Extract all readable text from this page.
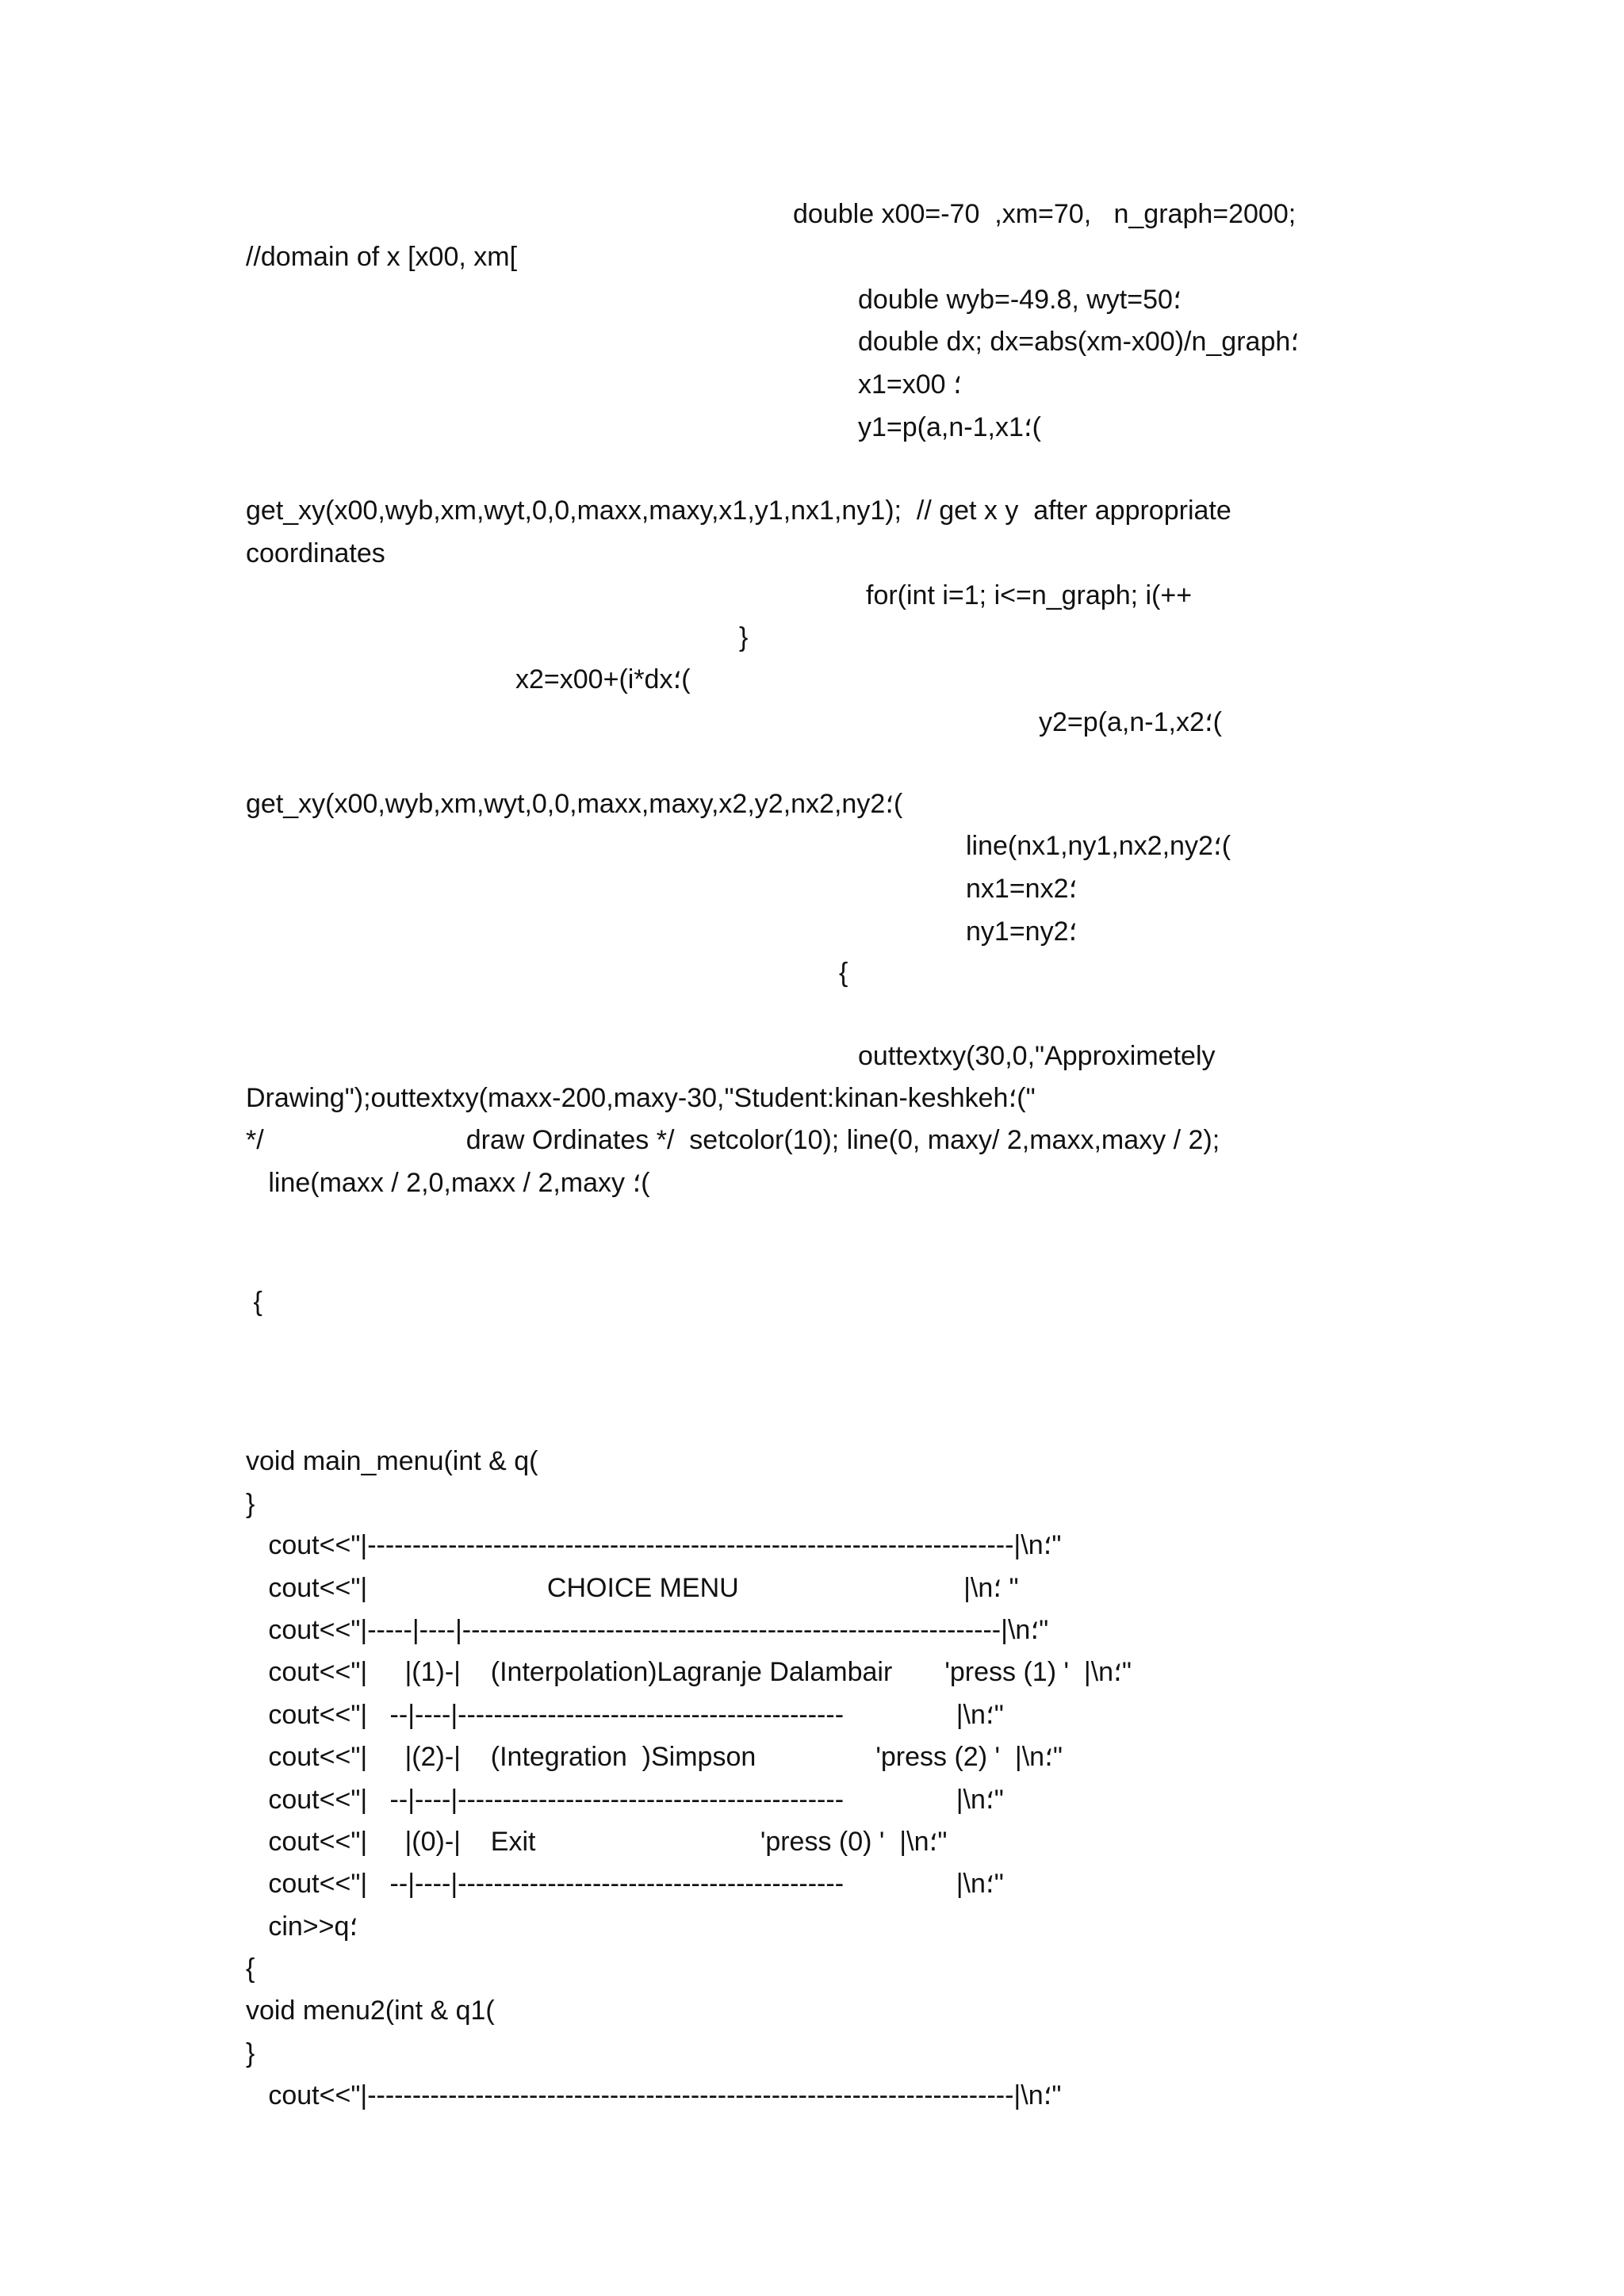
double x00=-70  ,xm=70,   n_graph=2000;

//domain of x [x00, xm[

double wyb=-49.8, wyt=50؛

double dx; dx=abs(xm-x00)/n_graph؛

x1=x00 ؛

y1=p(a,n-1,x1؛(

get_xy(x00,wyb,xm,wyt,0,0,maxx,maxy,x1,y1,nx1,ny1);  // get x y  after appropriate

coordinates

for(int i=1; i<=n_graph; i(++

}

x2=x00+(i*dx؛(

y2=p(a,n-1,x2؛(

get_xy(x00,wyb,xm,wyt,0,0,maxx,maxy,x2,y2,nx2,ny2؛(

line(nx1,ny1,nx2,ny2؛(

nx1=nx2؛

ny1=ny2؛

{

outtextxy(30,0,"Approximetely

Drawing");outtextxy(maxx-200,maxy-30,"Student:kinan-keshkeh؛("

*/                           draw Ordinates */  setcolor(10); line(0, maxy/ 2,maxx,maxy / 2);

line(maxx / 2,0,maxx / 2,maxy ؛(

{

void main_menu(int & q(

}

cout<<"|------------------------------------------------------------------------|\n؛"

cout<<"|                        CHOICE MENU                              |\n؛ "

cout<<"|-----|----|------------------------------------------------------------|\n؛"

cout<<"|     |(1)-|    (Interpolation)Lagranje Dalambair       'press (1) '  |\n؛"

cout<<"|   --|----|-------------------------------------------               |\n؛"

cout<<"|     |(2)-|    (Integration  )Simpson                'press (2) '  |\n؛"

cout<<"|   --|----|-------------------------------------------               |\n؛"

cout<<"|     |(0)-|    Exit                              'press (0) '  |\n؛"

cout<<"|   --|----|-------------------------------------------               |\n؛"

cin>>q؛

{

void menu2(int & q1(

}

cout<<"|------------------------------------------------------------------------|\n؛"
